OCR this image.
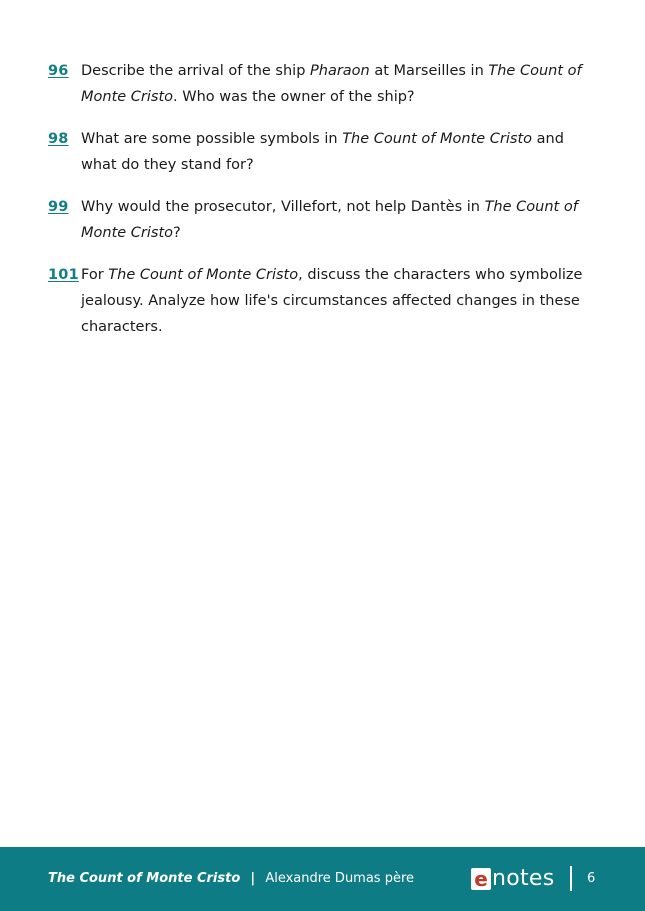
96 Describe the arrival of the ship Pharaon at Marseilles in The Count of Monte Cristo. Who was the owner of the ship?
98 What are some possible symbols in The Count of Monte Cristo and what do they stand for?
99 Why would the prosecutor, Villefort, not help Dantès in The Count of Monte Cristo?
101 For The Count of Monte Cristo, discuss the characters who symbolize jealousy. Analyze how life's circumstances affected changes in these characters.
The Count of Monte Cristo | Alexandre Dumas père	e notes 6
